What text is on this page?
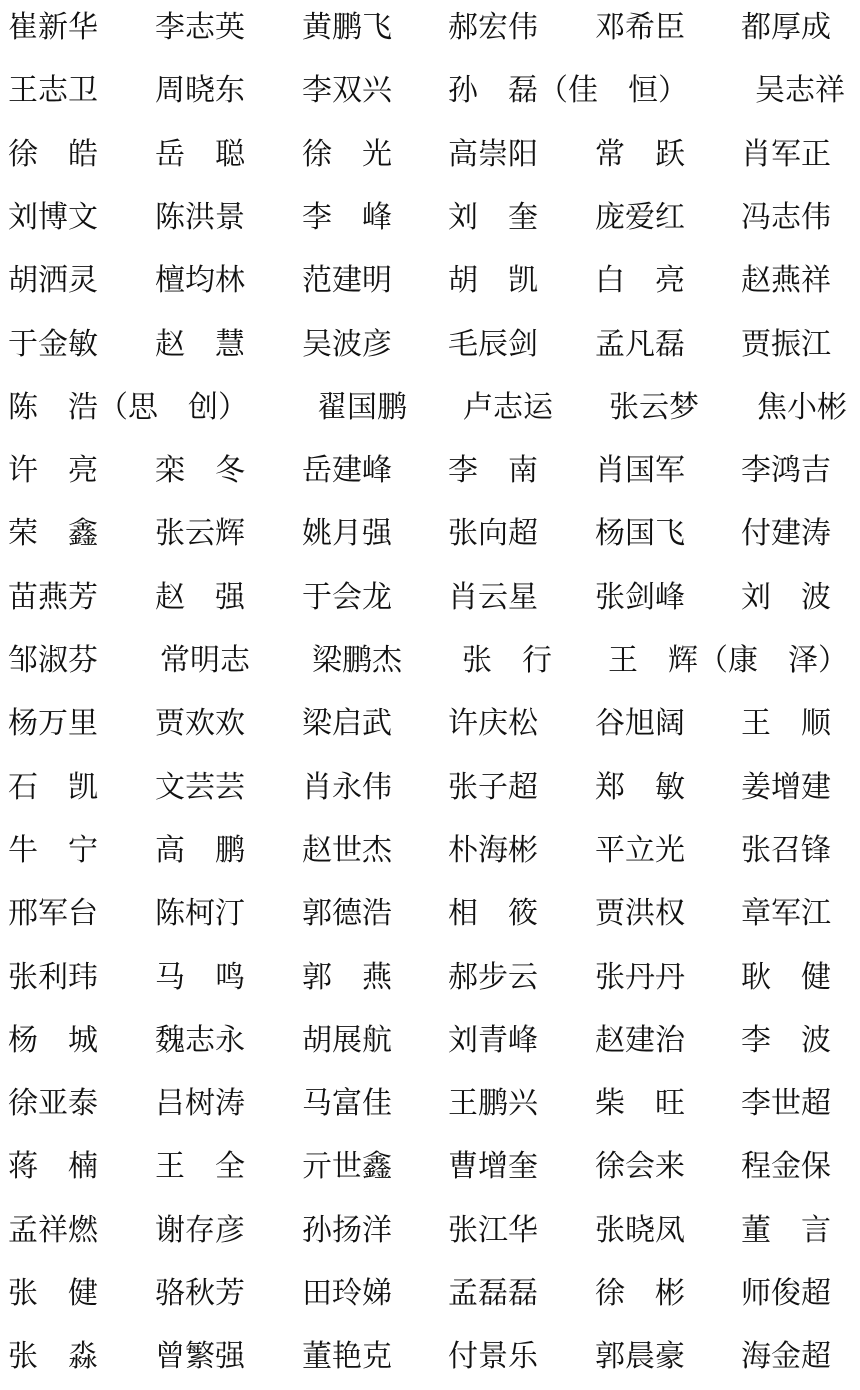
崔新华 李志英 黄鹏飞 郝宏伟 邓希臣 都厚成
王志卫 周晓东 李双兴 孙　磊（佳　恒） 吴志祥
徐　皓 岳　聪 徐　光 高崇阳 常　跃 肖军正
刘博文 陈洪景 李　峰 刘　奎 庞爱红 冯志伟
胡洒灵 檀均林 范建明 胡　凯 白　亮 赵燕祥
于金敏 赵　慧 吴波彦 毛辰剑 孟凡磊 贾振江
陈　浩（思　创） 翟国鹏 卢志运 张云梦 焦小彬
许　亮 栾　冬 岳建峰 李　南 肖国军 李鸿吉
荣　鑫 张云辉 姚月强 张向超 杨国飞 付建涛
苗燕芳 赵　强 于会龙 肖云星 张剑峰 刘　波
邹淑芬 常明志 梁鹏杰 张　行 王　辉（康　泽）
杨万里 贾欢欢 梁启武 许庆松 谷旭阔 王　顺
石　凯 文芸芸 肖永伟 张子超 郑　敏 姜增建
牛　宁 高　鹏 赵世杰 朴海彬 平立光 张召锋
邢军台 陈柯汀 郭德浩 相　筱 贾洪权 章军江
张利玮 马　鸣 郭　燕 郝步云 张丹丹 耿　健
杨　城 魏志永 胡展航 刘青峰 赵建治 李　波
徐亚泰 吕树涛 马富佳 王鹏兴 柴　旺 李世超
蒋　楠 王　全 亓世鑫 曹增奎 徐会来 程金保
孟祥燃 谢存彦 孙扬洋 张江华 张晓凤 董　言
张　健 骆秋芳 田玲娣 孟磊磊 徐　彬 师俊超
张　淼 曾繁强 董艳克 付景乐 郭晨豪 海金超
